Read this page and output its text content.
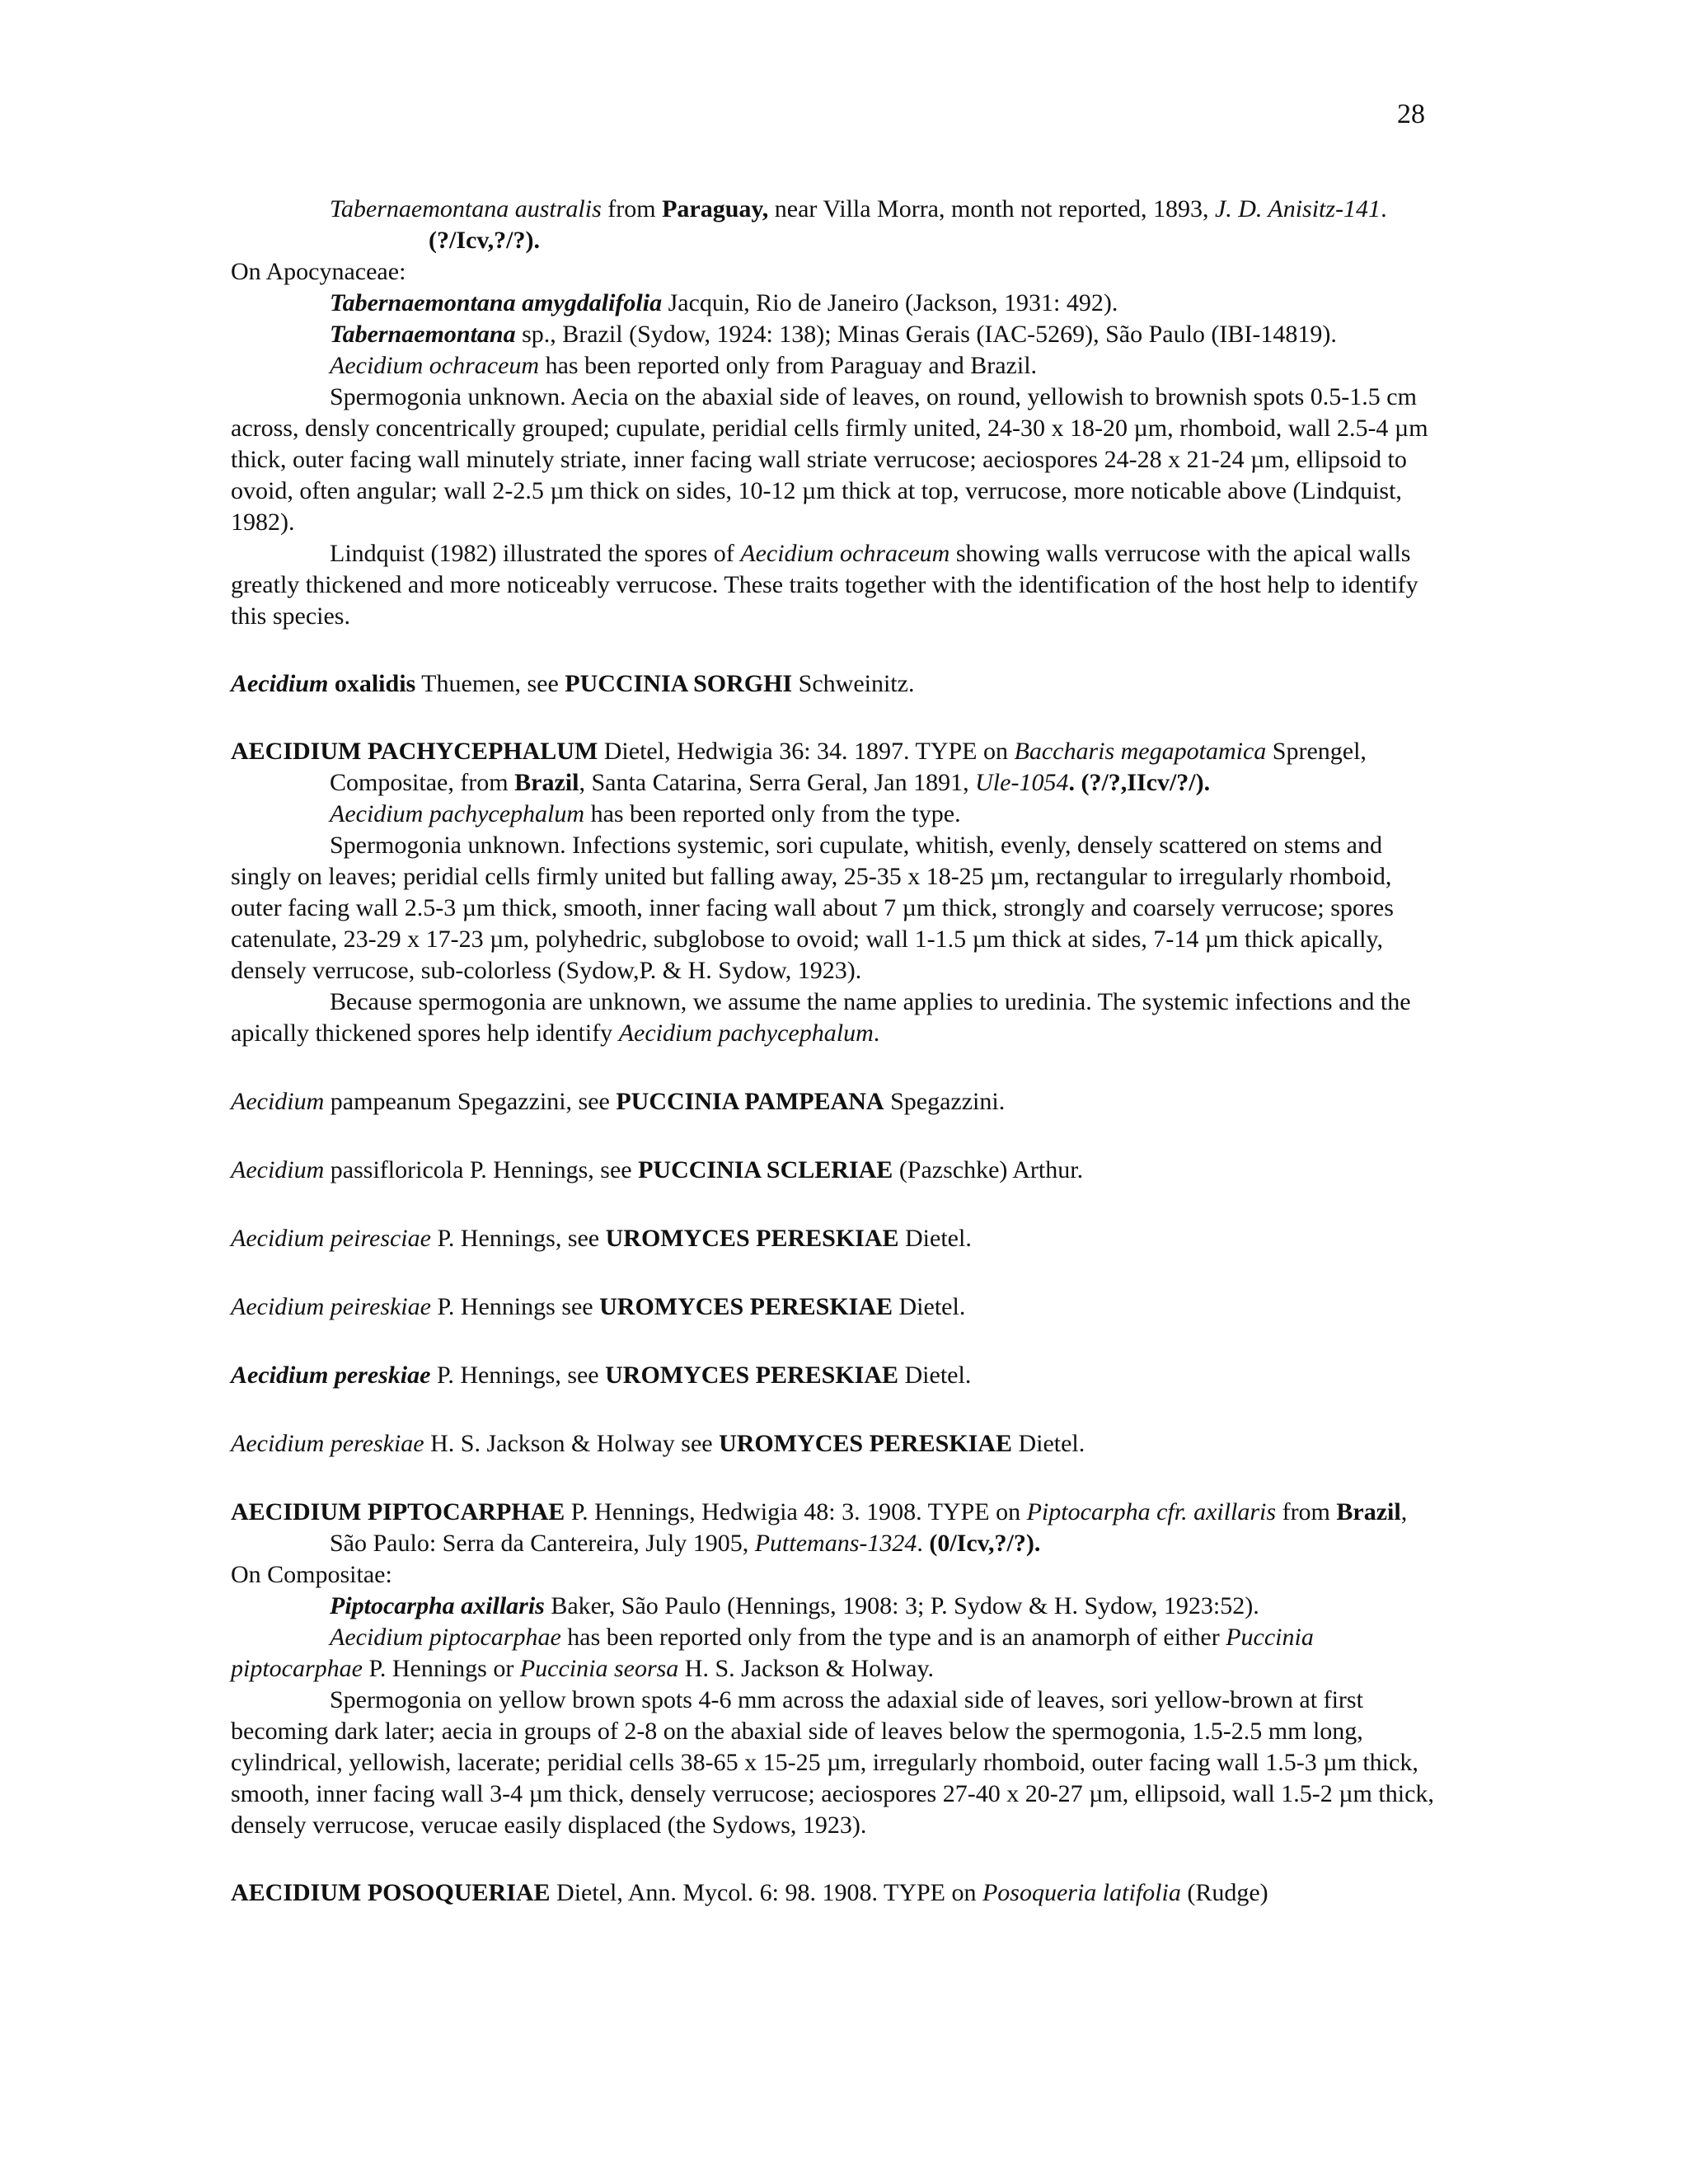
28

Tabernaemontana australis from Paraguay, near Villa Morra, month not reported, 1893, J. D. Anisitz-141. (?/Icv,?/?).

On Apocynaceae:

Tabernaemontana amygdalifolia Jacquin, Rio de Janeiro (Jackson, 1931: 492).

Tabernaemontana sp., Brazil (Sydow, 1924: 138); Minas Gerais (IAC-5269), São Paulo (IBI-14819).

Aecidium ochraceum has been reported only from Paraguay and Brazil.

Spermogonia unknown. Aecia on the abaxial side of leaves, on round, yellowish to brownish spots 0.5-1.5 cm across, densly concentrically grouped; cupulate, peridial cells firmly united, 24-30 x 18-20 µm, rhomboid, wall 2.5-4 µm thick, outer facing wall minutely striate, inner facing wall striate verrucose; aeciospores 24-28 x 21-24 µm, ellipsoid to ovoid, often angular; wall 2-2.5 µm thick on sides, 10-12 µm thick at top, verrucose, more noticable above (Lindquist, 1982).

Lindquist (1982) illustrated the spores of Aecidium ochraceum showing walls verrucose with the apical walls greatly thickened and more noticeably verrucose. These traits together with the identification of the host help to identify this species.

Aecidium oxalidis Thuemen, see PUCCINIA SORGHI Schweinitz.

AECIDIUM PACHYCEPHALUM Dietel, Hedwigia 36: 34. 1897. TYPE on Baccharis megapotamica Sprengel, Compositae, from Brazil, Santa Catarina, Serra Geral, Jan 1891, Ule-1054. (?/?,IIcv/?/).

Aecidium pachycephalum has been reported only from the type.

Spermogonia unknown. Infections systemic, sori cupulate, whitish, evenly, densely scattered on stems and singly on leaves; peridial cells firmly united but falling away, 25-35 x 18-25 µm, rectangular to irregularly rhomboid, outer facing wall 2.5-3 µm thick, smooth, inner facing wall about 7 µm thick, strongly and coarsely verrucose; spores catenulate, 23-29 x 17-23 µm, polyhedric, subglobose to ovoid; wall 1-1.5 µm thick at sides, 7-14 µm thick apically, densely verrucose, sub-colorless (Sydow,P. & H. Sydow, 1923).

Because spermogonia are unknown, we assume the name applies to uredinia. The systemic infections and the apically thickened spores help identify Aecidium pachycephalum.

Aecidium pampeanum Spegazzini, see PUCCINIA PAMPEANA Spegazzini.

Aecidium passifloricola P. Hennings, see PUCCINIA SCLERIAE (Pazschke) Arthur.

Aecidium peiresciae P. Hennings, see UROMYCES PERESKIAE Dietel.

Aecidium peireskiae P. Hennings see UROMYCES PERESKIAE Dietel.

Aecidium pereskiae P. Hennings, see UROMYCES PERESKIAE Dietel.

Aecidium pereskiae H. S. Jackson & Holway see UROMYCES PERESKIAE Dietel.

AECIDIUM PIPTOCARPHAE P. Hennings, Hedwigia 48: 3. 1908. TYPE on Piptocarpha cfr. axillaris from Brazil, São Paulo: Serra da Cantereira, July 1905, Puttemans-1324. (0/Icv,?/?).

On Compositae:

Piptocarpha axillaris Baker, São Paulo (Hennings, 1908: 3; P. Sydow & H. Sydow, 1923:52).

Aecidium piptocarphae has been reported only from the type and is an anamorph of either Puccinia piptocarphae P. Hennings or Puccinia seorsa H. S. Jackson & Holway.

Spermogonia on yellow brown spots 4-6 mm across the adaxial side of leaves, sori yellow-brown at first becoming dark later; aecia in groups of 2-8 on the abaxial side of leaves below the spermogonia, 1.5-2.5 mm long, cylindrical, yellowish, lacerate; peridial cells 38-65 x 15-25 µm, irregularly rhomboid, outer facing wall 1.5-3 µm thick, smooth, inner facing wall 3-4 µm thick, densely verrucose; aeciospores 27-40 x 20-27 µm, ellipsoid, wall 1.5-2 µm thick, densely verrucose, verucae easily displaced (the Sydows, 1923).

AECIDIUM POSOQUERIAE Dietel, Ann. Mycol. 6: 98. 1908. TYPE on Posoqueria latifolia (Rudge)
